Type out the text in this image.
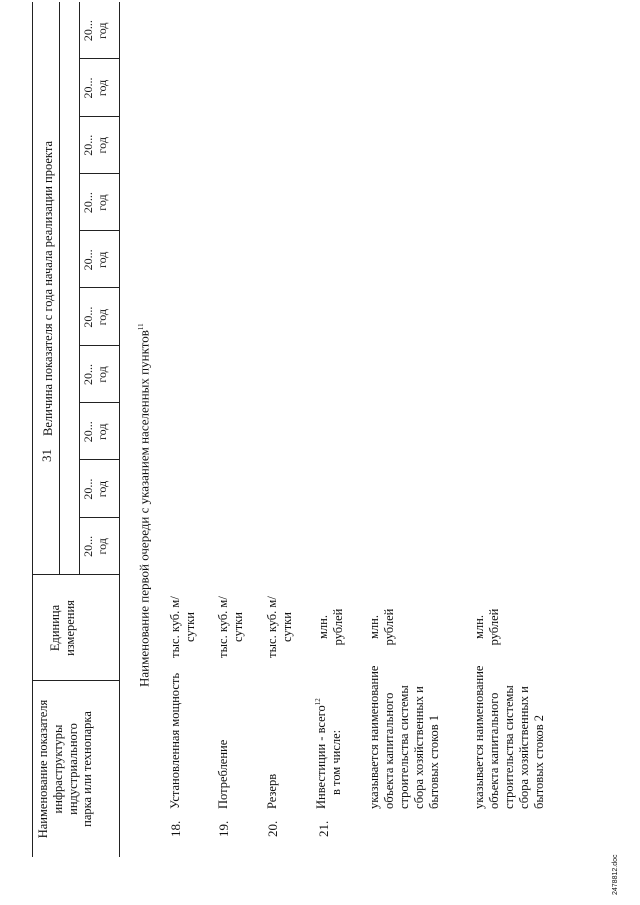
31
Наименование показателя инфраструктуры индустриального парка или технопарка
Единица измерения
Величина показателя с года начала реализации проекта
20... год
20... год
20... год
20... год
20... год
20... год
20... год
20... год
20... год
20... год
Наименование первой очереди с указанием населенных пунктов$^{11}$
18.
Установленная мощность
тыс. куб. м/ сутки
19.
Потребление
тыс. куб. м/ сутки
20.
Резерв
тыс. куб. м/ сутки
21.
Инвестиции - всего$^{12}$
в том числе:
млн. рублей
указывается наименование объекта капитального строительства системы сбора хозяйственных и бытовых стоков 1
млн. рублей
указывается наименование объекта капитального строительства системы сбора хозяйственных и бытовых стоков 2
млн. рублей
2478812.doc
